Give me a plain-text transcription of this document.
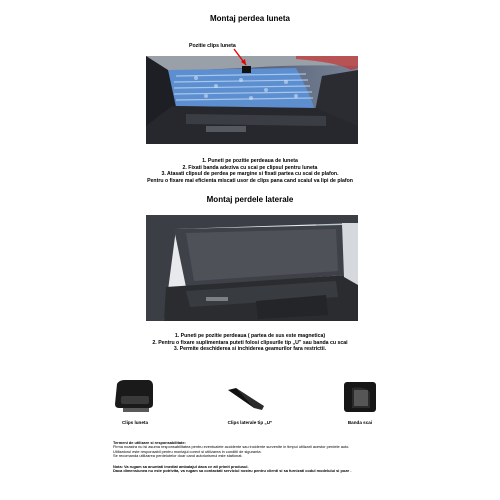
Montaj perdea luneta
Pozitie clips luneta
1. Puneti pe pozitie perdeaua de luneta
2. Fixati banda adeziva cu scai pe clipsul pentru luneta
3. Atasati clipsul de perdea pe margine si fixati partea cu scai de plafon.
Pentru o fixare mai eficienta miscati usor de clips pana cand scaiul va lipi de plafon
Montaj perdele laterale
1. Puneti pe pozitie perdeaua ( partea de sus este magnetica)
2. Pentru o fixare suplimentara puteti folosi clipsurile tip „U” sau banda cu scai
3. Permite deschiderea si inchiderea geamurilor fara restrictii.
Clips luneta	Clips laterale tip „U”	Banda scai
Termeni de utilizare si responsabilitate:
Firma noastra nu isi asuma responsabilitatea pentru eventualele accidente sau incidente survenite in timpul utilizarii acestor perdele auto.
Utilizatorul este responsabil pentru montajul corect si utilizarea in conditii de siguranta.
Se recomanda utilizarea perdelutelor doar cand autoturismul este stationat.
Nota: Va rugam sa anuntati imediat ambalajul daca ce ati primit produsul.
Daca dimensiunea nu este potrivita, va rugam sa contactati serviciul nostru pentru clienti si sa furnizati codul modelului si poze .
